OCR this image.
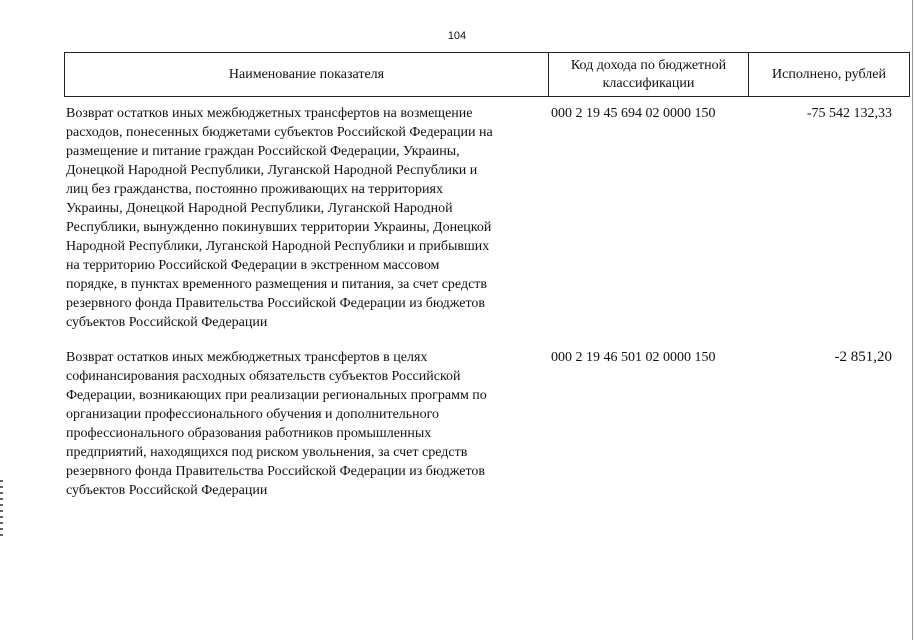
104
Наименование показателя
Код дохода по бюджетной классификации
Исполнено, рублей
Возврат остатков иных межбюджетных трансфертов на возмещение
расходов, понесенных бюджетами субъектов Российской Федерации на
размещение и питание граждан Российской Федерации, Украины,
Донецкой Народной Республики, Луганской Народной Республики и
лиц без гражданства, постоянно проживающих на территориях
Украины, Донецкой Народной Республики, Луганской Народной
Республики, вынужденно покинувших территории Украины, Донецкой
Народной Республики, Луганской Народной Республики и прибывших
на территорию Российской Федерации в экстренном массовом
порядке, в пунктах временного размещения и питания, за счет средств
резервного фонда Правительства Российской Федерации из бюджетов
субъектов Российской Федерации
000 2 19 45 694 02 0000 150	-75 542 132,33
Возврат остатков иных межбюджетных трансфертов в целях
софинансирования расходных обязательств субъектов Российской
Федерации, возникающих при реализации региональных программ по
организации профессионального обучения и дополнительного
профессионального образования работников промышленных
предприятий, находящихся под риском увольнения, за счет средств
резервного фонда Правительства Российской Федерации из бюджетов
субъектов Российской Федерации
000 2 19 46 501 02 0000 150	-2 851,20
